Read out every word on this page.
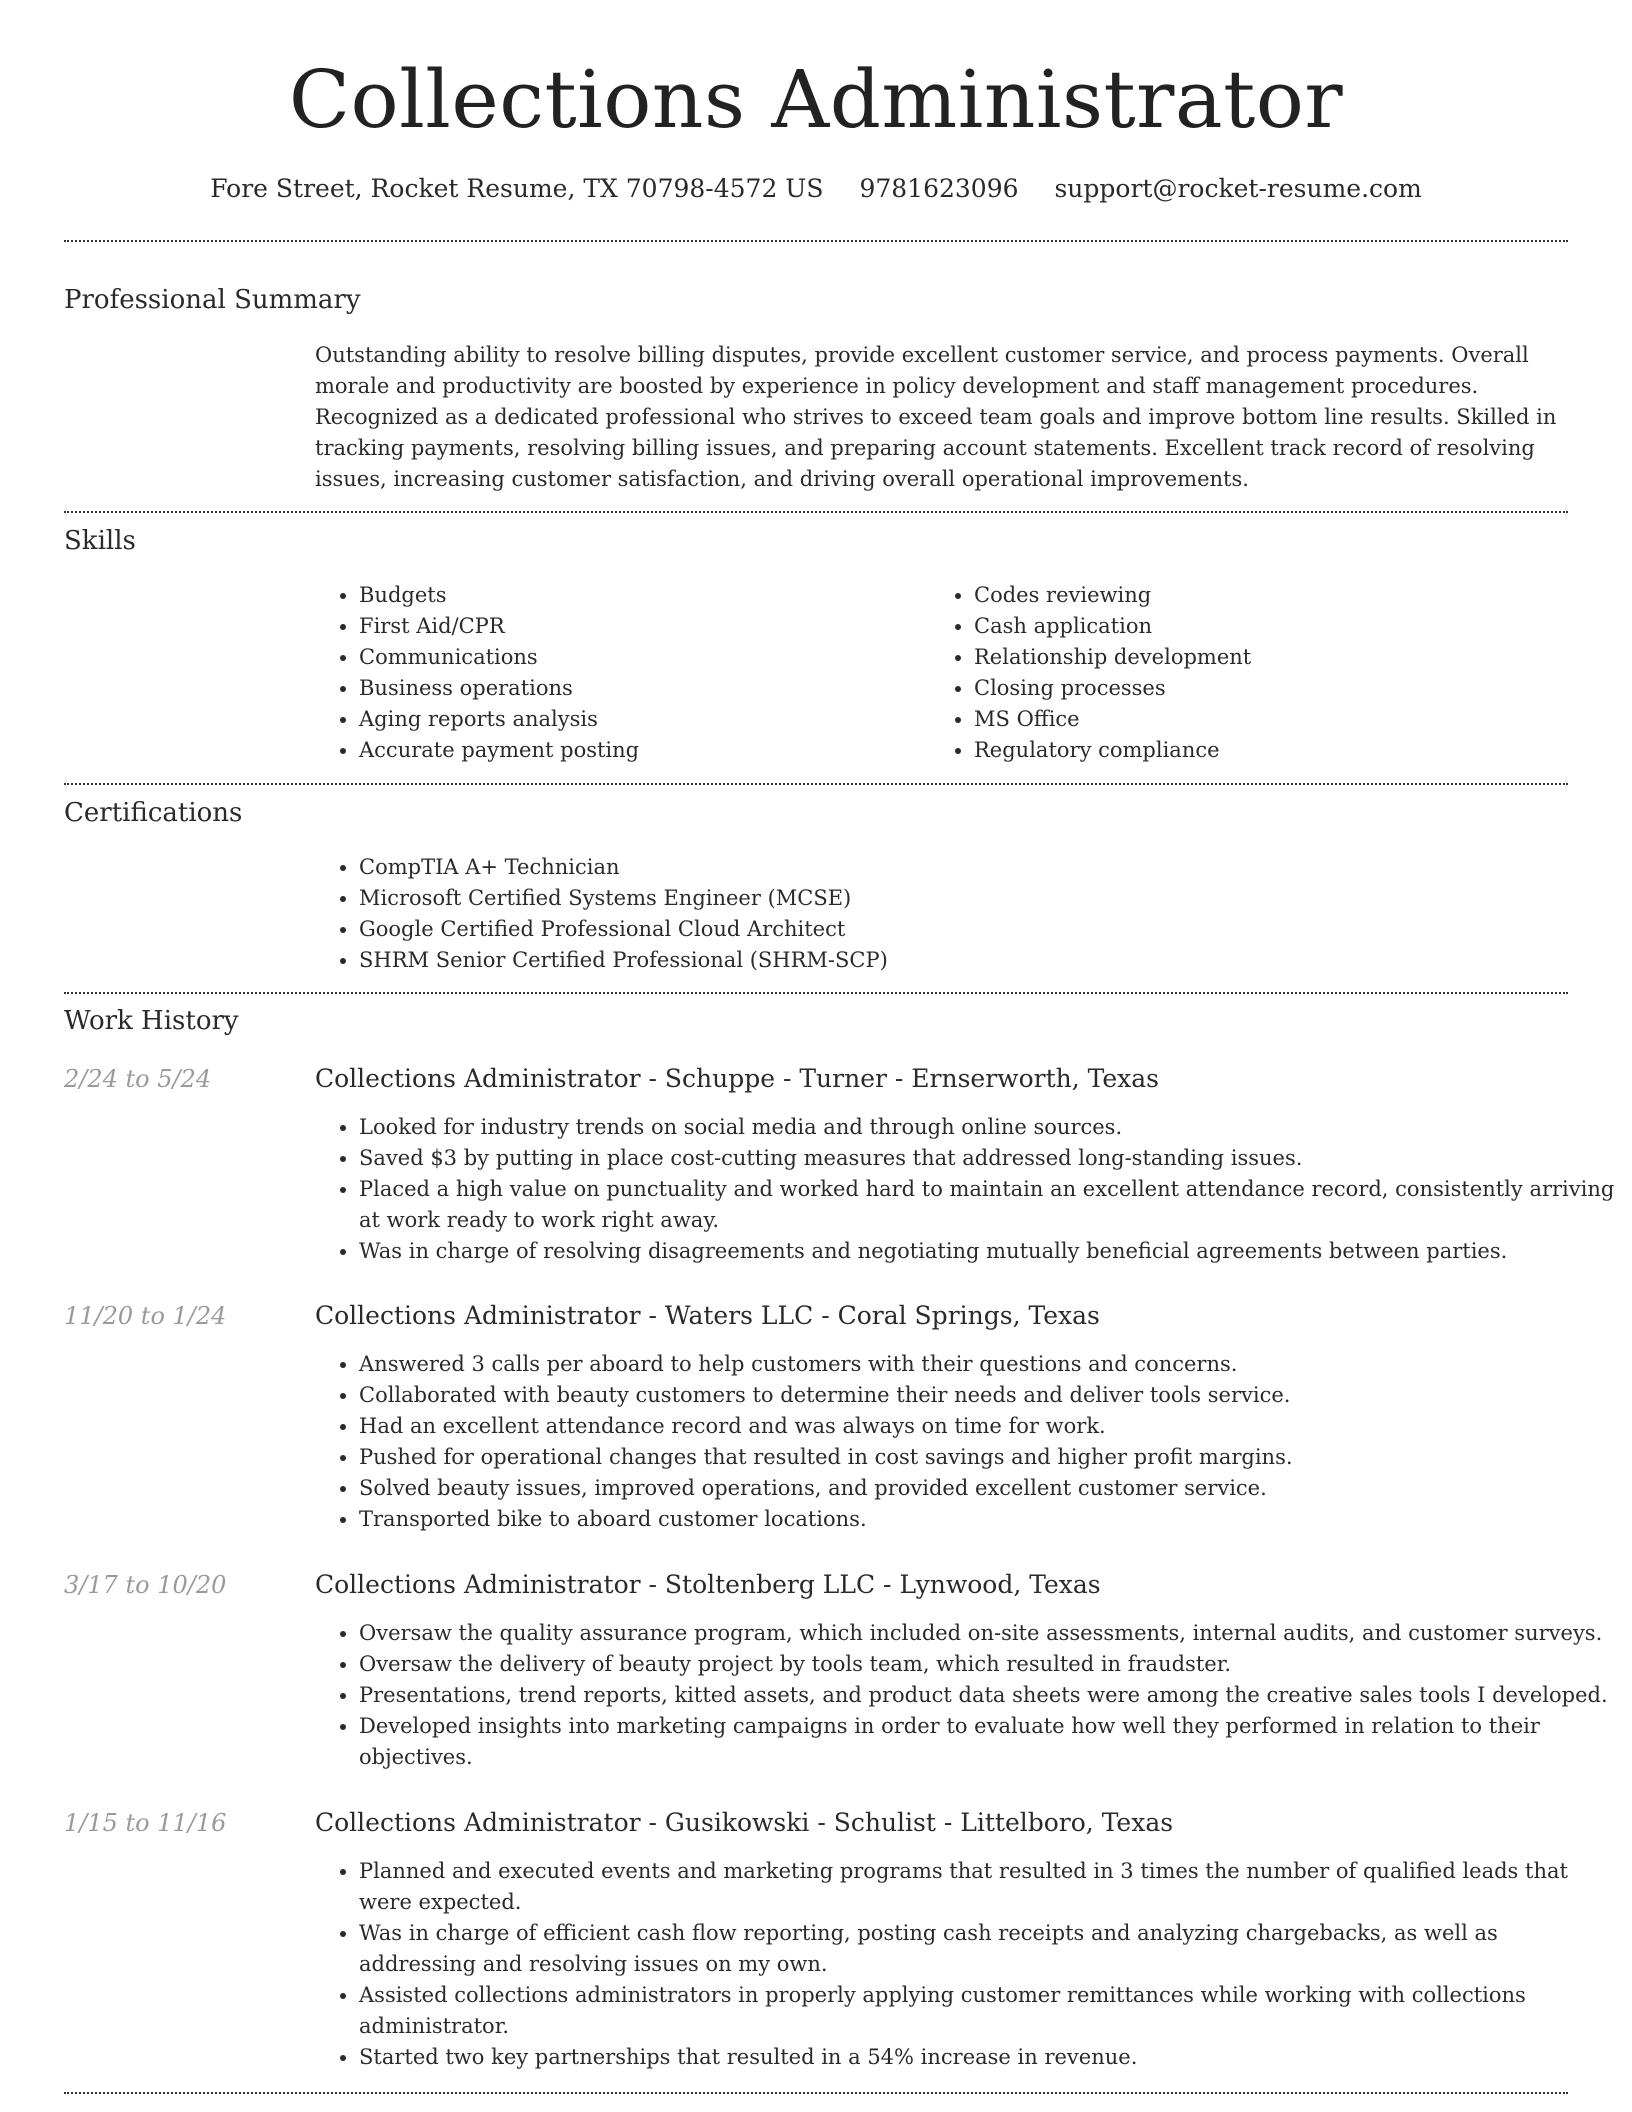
Collections Administrator
Fore Street, Rocket Resume, TX 70798-4572 US 9781623096 support@rocket-resume.com
Professional Summary

Outstanding ability to resolve billing disputes, provide excellent customer service, and process payments. Overall morale and productivity are boosted by experience in policy development and staff management procedures. Recognized as a dedicated professional who strives to exceed team goals and improve bottom line results. Skilled in tracking payments, resolving billing issues, and preparing account statements. Excellent track record of resolving issues, increasing customer satisfaction, and driving overall operational improvements.

Skills
• Budgets
• First Aid/CPR
• Communications
• Business operations
• Aging reports analysis
• Accurate payment posting
• Codes reviewing
• Cash application
• Relationship development
• Closing processes
• MS Office
• Regulatory compliance
Certifications
• CompTIA A+ Technician
• Microsoft Certified Systems Engineer (MCSE)
• Google Certified Professional Cloud Architect
• SHRM Senior Certified Professional (SHRM-SCP)
Work History
2/24 to 5/24	Collections Administrator - Schuppe - Turner - Ernserworth, Texas
• Looked for industry trends on social media and through online sources.
• Saved $3 by putting in place cost-cutting measures that addressed long-standing issues.
• Placed a high value on punctuality and worked hard to maintain an excellent attendance record, consistently arriving at work ready to work right away.
• Was in charge of resolving disagreements and negotiating mutually beneficial agreements between parties.
11/20 to 1/24	Collections Administrator - Waters LLC - Coral Springs, Texas
• Answered 3 calls per aboard to help customers with their questions and concerns.
• Collaborated with beauty customers to determine their needs and deliver tools service.
• Had an excellent attendance record and was always on time for work.
• Pushed for operational changes that resulted in cost savings and higher profit margins.
• Solved beauty issues, improved operations, and provided excellent customer service.
• Transported bike to aboard customer locations.
3/17 to 10/20	Collections Administrator - Stoltenberg LLC - Lynwood, Texas
• Oversaw the quality assurance program, which included on-site assessments, internal audits, and customer surveys.
• Oversaw the delivery of beauty project by tools team, which resulted in fraudster.
• Presentations, trend reports, kitted assets, and product data sheets were among the creative sales tools I developed.
• Developed insights into marketing campaigns in order to evaluate how well they performed in relation to their objectives.
1/15 to 11/16	Collections Administrator - Gusikowski - Schulist - Littelboro, Texas
• Planned and executed events and marketing programs that resulted in 3 times the number of qualified leads that were expected.
• Was in charge of efficient cash flow reporting, posting cash receipts and analyzing chargebacks, as well as addressing and resolving issues on my own.
• Assisted collections administrators in properly applying customer remittances while working with collections administrator.
• Started two key partnerships that resulted in a 54% increase in revenue.
